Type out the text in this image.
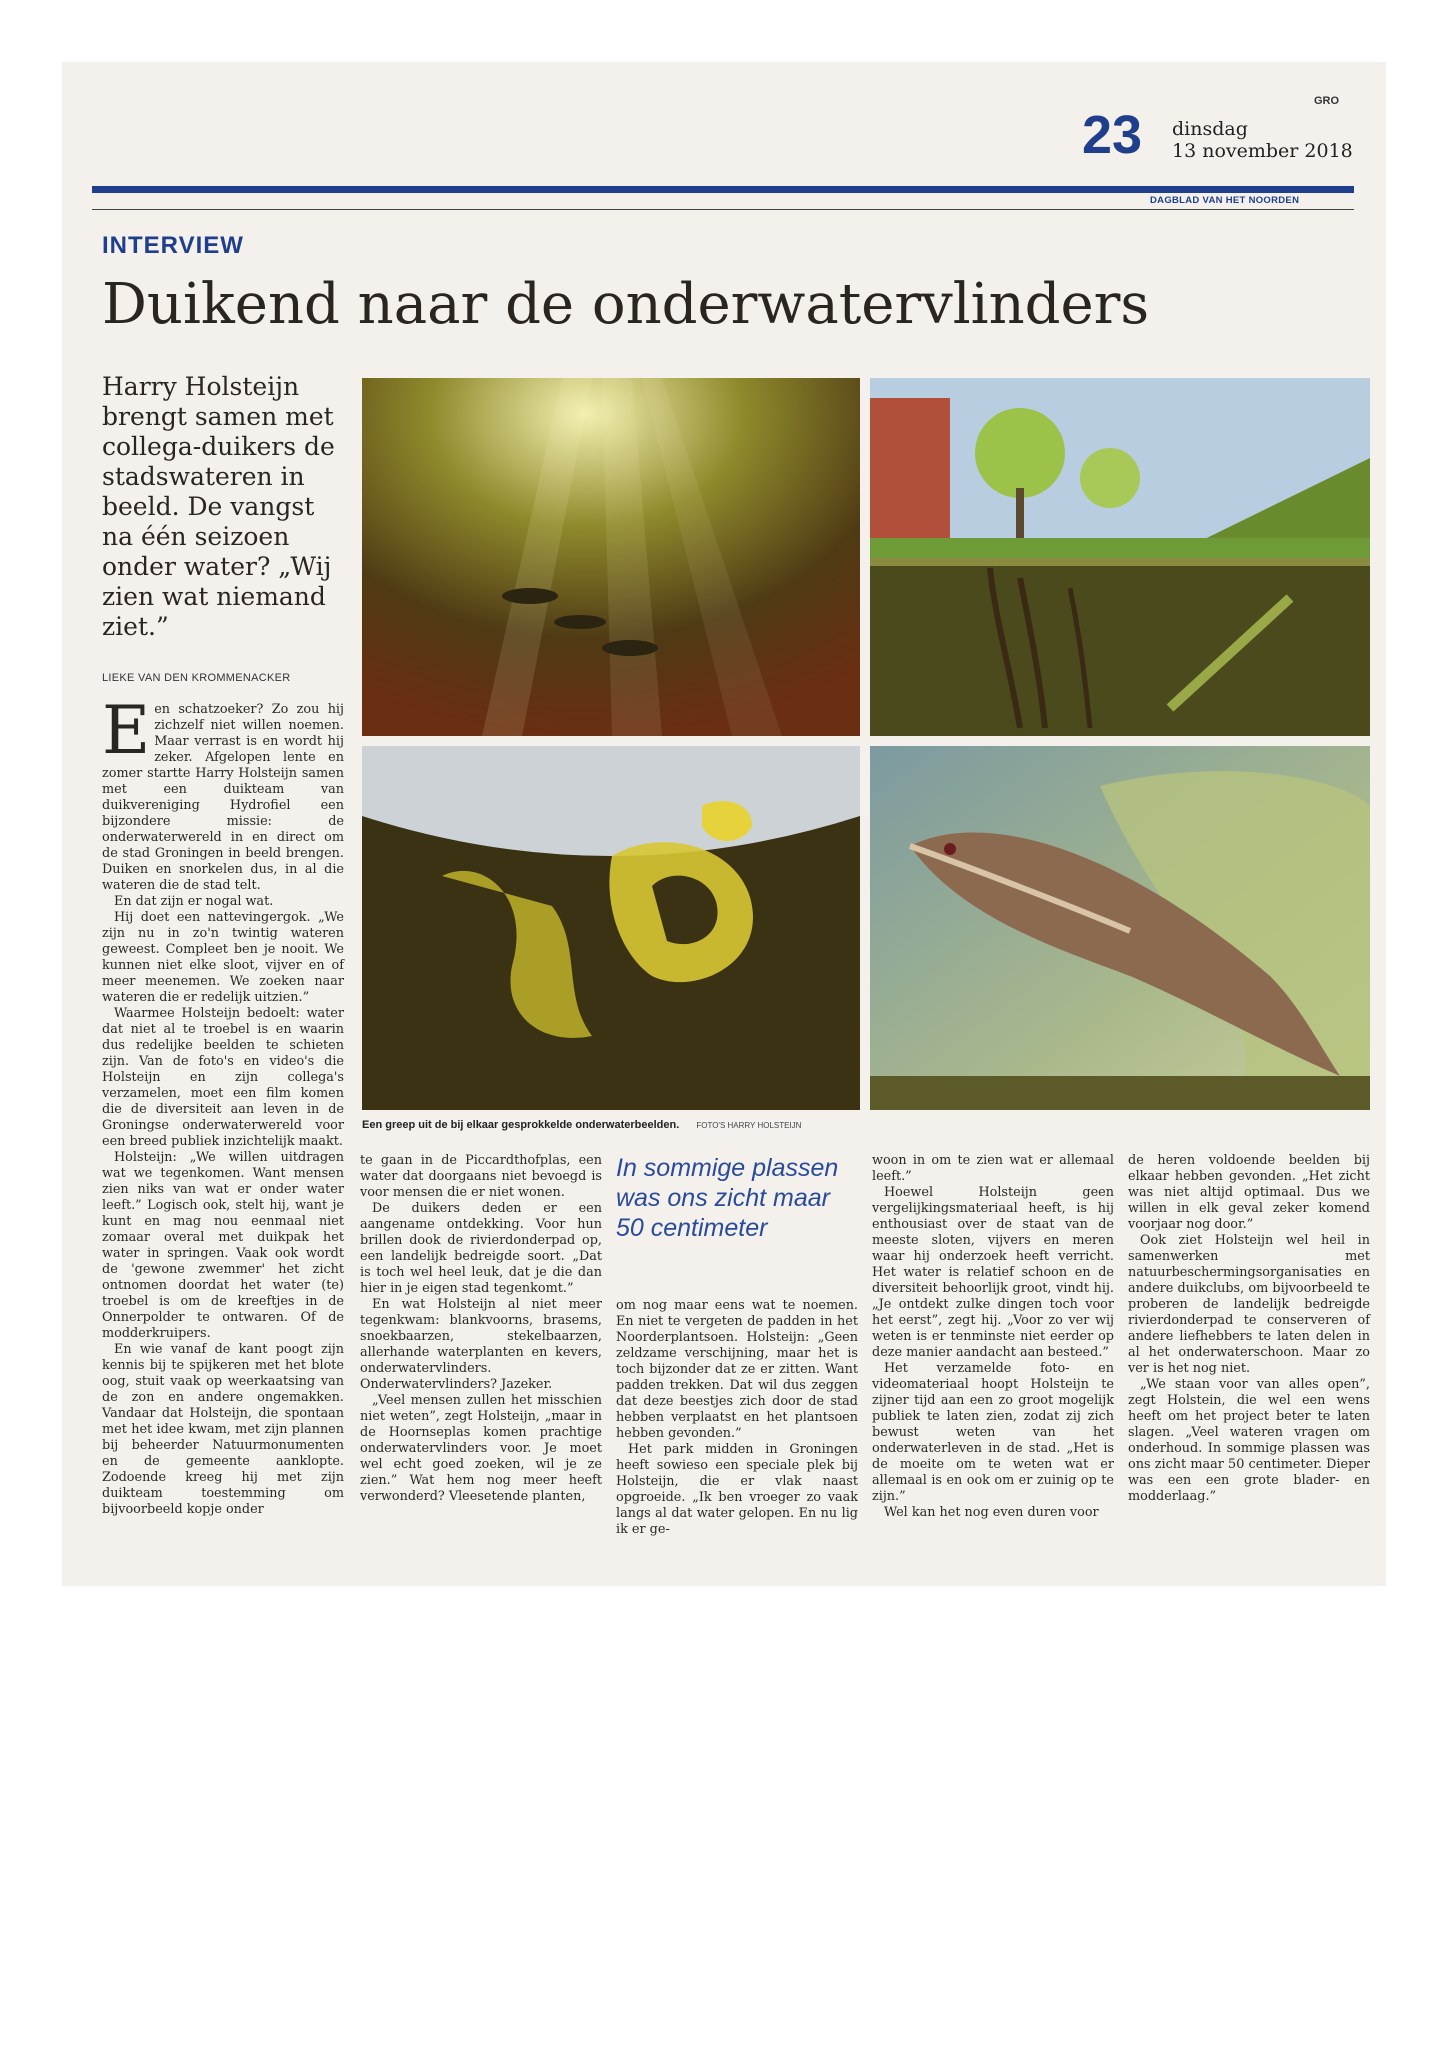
GRO
23 dinsdag
13 november 2018
DAGBLAD VAN HET NOORDEN
INTERVIEW
Duikend naar de onderwatervlinders
Harry Holsteijn brengt samen met collega-duikers de stadswateren in beeld. De vangst na één seizoen onder water? „Wij zien wat niemand ziet.”
LIEKE VAN DEN KROMMENACKER
Een greep uit de bij elkaar gesprokkelde onderwaterbeelden. FOTO'S HARRY HOLSTEIJN
E en schatzoeker? Zo zou hij zichzelf niet willen noemen. Maar verrast is en wordt hij zeker. Afgelopen lente en zomer startte Harry Holsteijn samen met een duikteam van duikvereniging Hydrofiel een bijzondere missie: de onderwaterwereld in en direct om de stad Groningen in beeld brengen. Duiken en snorkelen dus, in al die wateren die de stad telt.

En dat zijn er nogal wat.

Hij doet een nattevingergok. „We zijn nu in zo'n twintig wateren geweest. Compleet ben je nooit. We kunnen niet elke sloot, vijver en of meer meenemen. We zoeken naar wateren die er redelijk uitzien.”

Waarmee Holsteijn bedoelt: water dat niet al te troebel is en waarin dus redelijke beelden te schieten zijn. Van de foto's en video's die Holsteijn en zijn collega's verzamelen, moet een film komen die de diversiteit aan leven in de Groningse onderwaterwereld voor een breed publiek inzichtelijk maakt.

Holsteijn: „We willen uitdragen wat we tegenkomen. Want mensen zien niks van wat er onder water leeft.” Logisch ook, stelt hij, want je kunt en mag nou eenmaal niet zomaar overal met duikpak het water in springen. Vaak ook wordt de 'gewone zwemmer' het zicht ontnomen doordat het water (te) troebel is om de kreeftjes in de Onnerpolder te ontwaren. Of de modderkruipers.

En wie vanaf de kant poogt zijn kennis bij te spijkeren met het blote oog, stuit vaak op weerkaatsing van de zon en andere ongemakken. Vandaar dat Holsteijn, die spontaan met het idee kwam, met zijn plannen bij beheerder Natuurmonumenten en de gemeente aanklopte. Zodoende kreeg hij met zijn duikteam toestemming om bijvoorbeeld kopje onder

te gaan in de Piccardthofplas, een water dat doorgaans niet bevoegd is voor mensen die er niet wonen.

De duikers deden er een aangename ontdekking. Voor hun brillen dook de rivierdonderpad op, een landelijk bedreigde soort. „Dat is toch wel heel leuk, dat je die dan hier in je eigen stad tegenkomt.”

En wat Holsteijn al niet meer tegenkwam: blankvoorns, brasems, snoekbaarzen, stekelbaarzen, allerhande waterplanten en kevers, onderwatervlinders. Onderwatervlinders? Jazeker.

„Veel mensen zullen het misschien niet weten”, zegt Holsteijn, „maar in de Hoornseplas komen prachtige onderwatervlinders voor. Je moet wel echt goed zoeken, wil je ze zien.” Wat hem nog meer heeft verwonderd? Vleesetende planten,

In sommige plassen was ons zicht maar 50 centimeter

om nog maar eens wat te noemen. En niet te vergeten de padden in het Noorderplantsoen. Holsteijn: „Geen zeldzame verschijning, maar het is toch bijzonder dat ze er zitten. Want padden trekken. Dat wil dus zeggen dat deze beestjes zich door de stad hebben verplaatst en het plantsoen hebben gevonden.”

Het park midden in Groningen heeft sowieso een speciale plek bij Holsteijn, die er vlak naast opgroeide. „Ik ben vroeger zo vaak langs al dat water gelopen. En nu lig ik er ge-

woon in om te zien wat er allemaal leeft.”

Hoewel Holsteijn geen vergelijkingsmateriaal heeft, is hij enthousiast over de staat van de meeste sloten, vijvers en meren waar hij onderzoek heeft verricht. Het water is relatief schoon en de diversiteit behoorlijk groot, vindt hij. „Je ontdekt zulke dingen toch voor het eerst”, zegt hij. „Voor zo ver wij weten is er tenminste niet eerder op deze manier aandacht aan besteed.”

Het verzamelde foto- en videomateriaal hoopt Holsteijn te zijner tijd aan een zo groot mogelijk publiek te laten zien, zodat zij zich bewust weten van het onderwaterleven in de stad. „Het is de moeite om te weten wat er allemaal is en ook om er zuinig op te zijn.”

Wel kan het nog even duren voor

de heren voldoende beelden bij elkaar hebben gevonden. „Het zicht was niet altijd optimaal. Dus we willen in elk geval zeker komend voorjaar nog door.”

Ook ziet Holsteijn wel heil in samenwerken met natuurbeschermingsorganisaties en andere duikclubs, om bijvoorbeeld te proberen de landelijk bedreigde rivierdonderpad te conserveren of andere liefhebbers te laten delen in al het onderwaterschoon. Maar zo ver is het nog niet.

„We staan voor van alles open”, zegt Holstein, die wel een wens heeft om het project beter te laten slagen. „Veel wateren vragen om onderhoud. In sommige plassen was ons zicht maar 50 centimeter. Dieper was een een grote blader- en modderlaag.”
